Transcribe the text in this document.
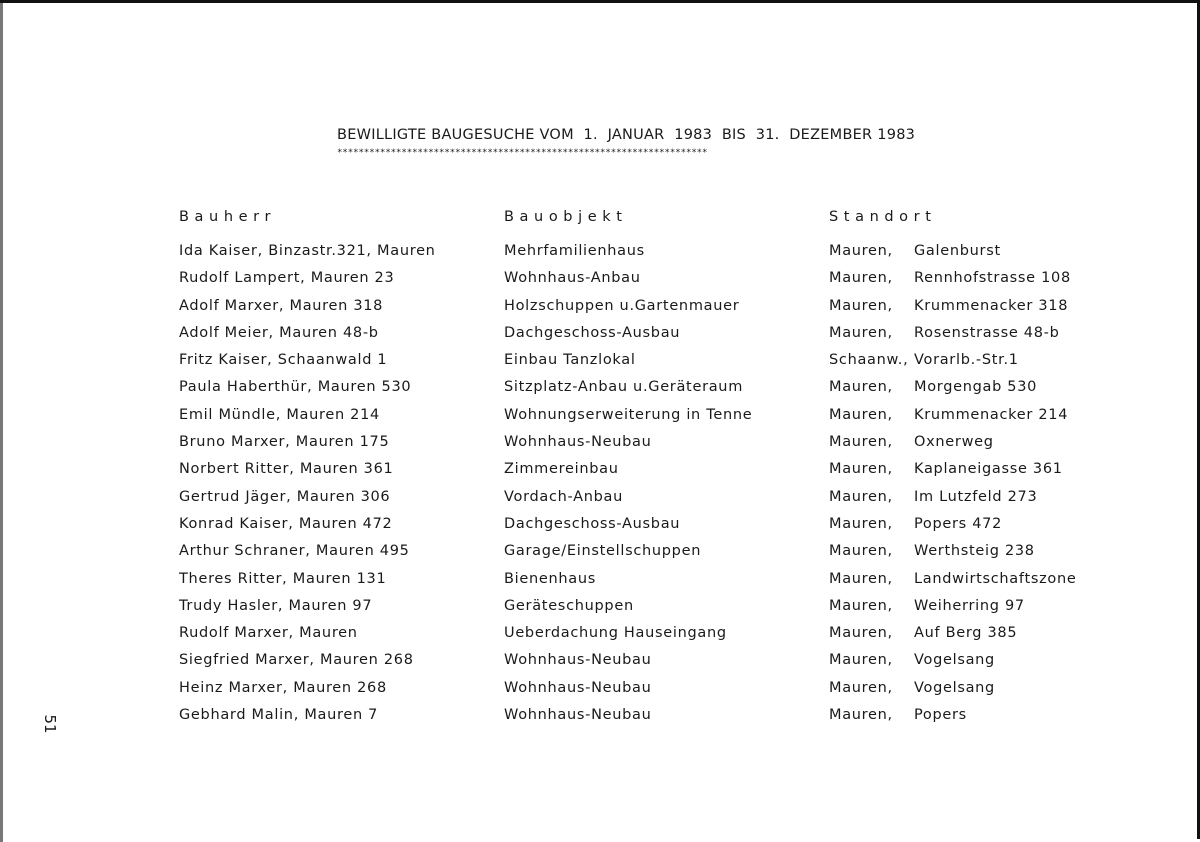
BEWILLIGTE BAUGESUCHE VOM  1.  JANUAR  1983  BIS  31.  DEZEMBER 1983
*********************************************************************
Bauherr	Bauobjekt	Standort
Ida Kaiser, Binzastr.321, Mauren	Mehrfamilienhaus	Mauren, Galenburst
Rudolf Lampert, Mauren 23	Wohnhaus-Anbau	Mauren, Rennhofstrasse 108
Adolf Marxer, Mauren 318	Holzschuppen u.Gartenmauer	Mauren, Krummenacker 318
Adolf Meier, Mauren 48-b	Dachgeschoss-Ausbau	Mauren, Rosenstrasse 48-b
Fritz Kaiser, Schaanwald 1	Einbau Tanzlokal	Schaanw., Vorarlb.-Str.1
Paula Haberthür, Mauren 530	Sitzplatz-Anbau u.Geräteraum	Mauren, Morgengab 530
Emil Mündle, Mauren 214	Wohnungserweiterung in Tenne	Mauren, Krummenacker 214
Bruno Marxer, Mauren 175	Wohnhaus-Neubau	Mauren, Oxnerweg
Norbert Ritter, Mauren 361	Zimmereinbau	Mauren, Kaplaneigasse 361
Gertrud Jäger, Mauren 306	Vordach-Anbau	Mauren, Im Lutzfeld 273
Konrad Kaiser, Mauren 472	Dachgeschoss-Ausbau	Mauren, Popers 472
Arthur Schraner, Mauren 495	Garage/Einstellschuppen	Mauren, Werthsteig 238
Theres Ritter, Mauren 131	Bienenhaus	Mauren, Landwirtschaftszone
Trudy Hasler, Mauren 97	Geräteschuppen	Mauren, Weiherring 97
Rudolf Marxer, Mauren	Ueberdachung Hauseingang	Mauren, Auf Berg 385
Siegfried Marxer, Mauren 268	Wohnhaus-Neubau	Mauren, Vogelsang
Heinz Marxer, Mauren 268	Wohnhaus-Neubau	Mauren, Vogelsang
Gebhard Malin, Mauren 7	Wohnhaus-Neubau	Mauren, Popers
51
